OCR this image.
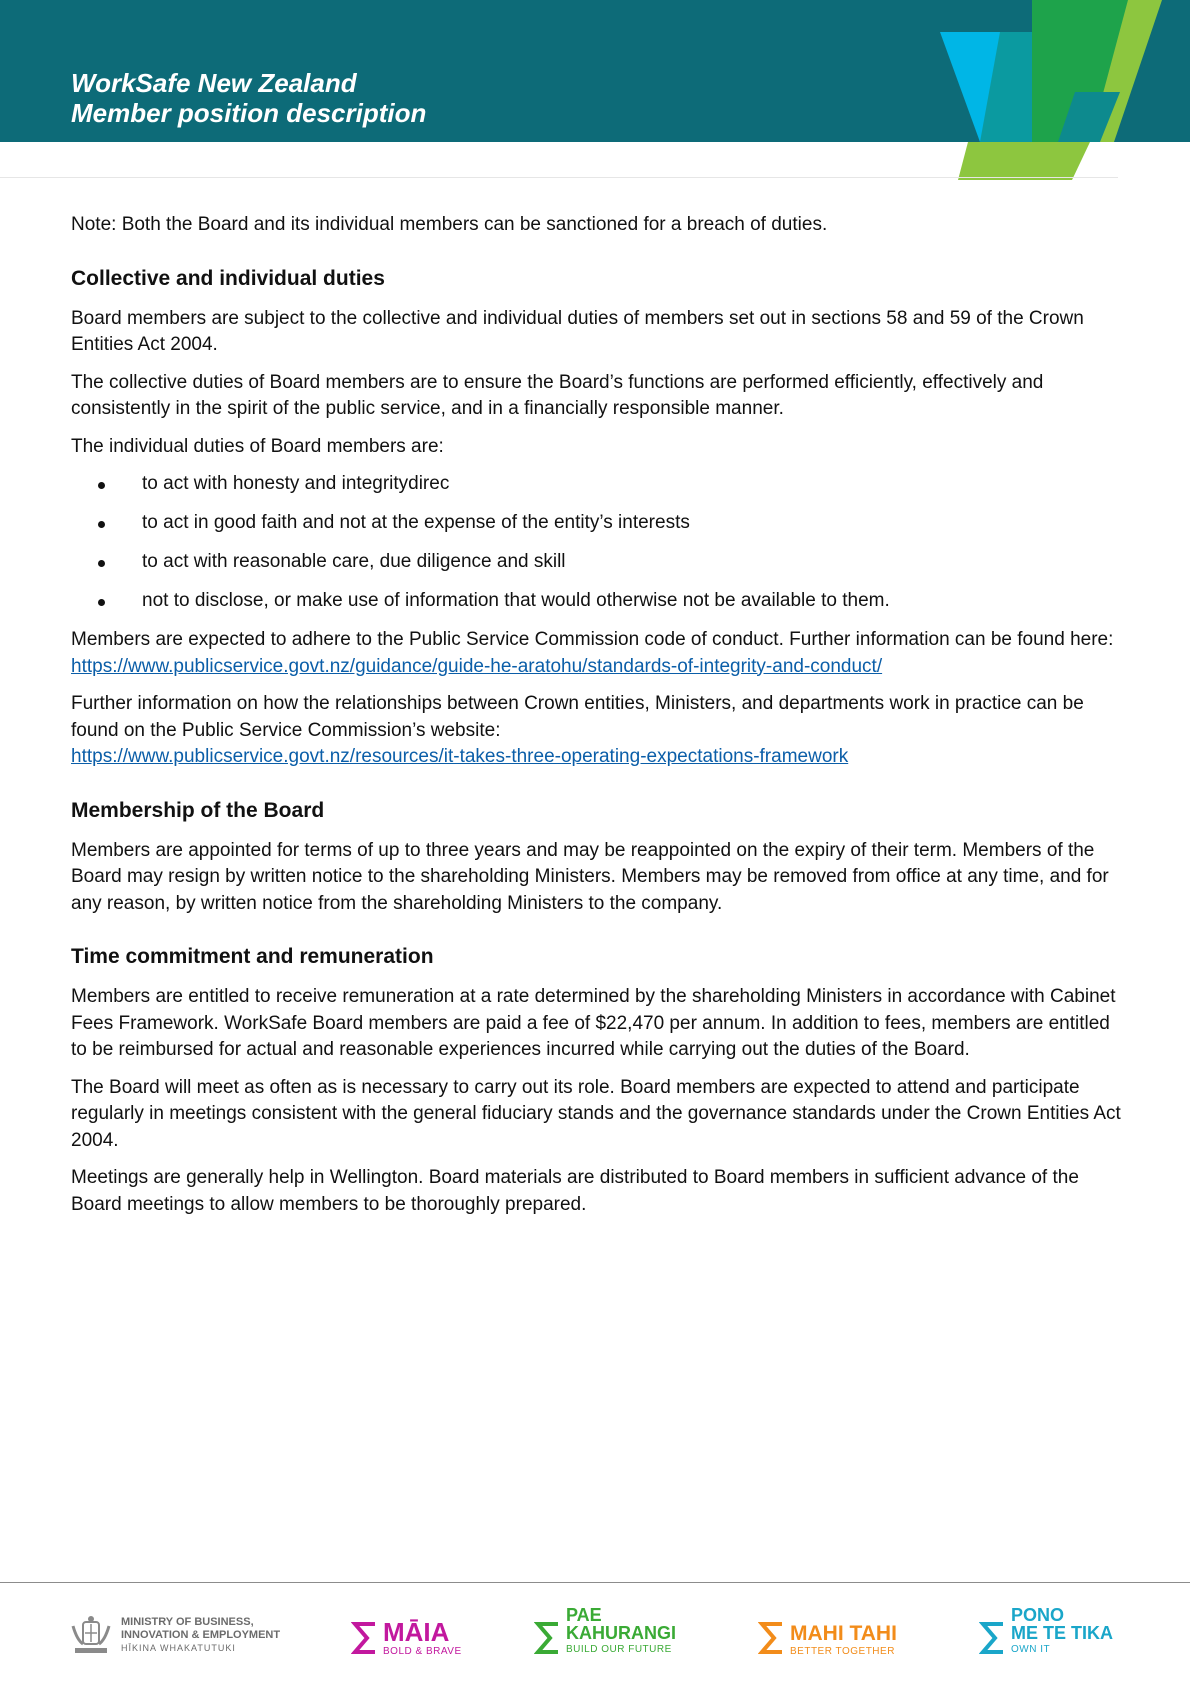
WorkSafe New Zealand
Member position description

Note: Both the Board and its individual members can be sanctioned for a breach of duties.

Collective and individual duties

Board members are subject to the collective and individual duties of members set out in sections 58 and 59 of the Crown Entities Act 2004.

The collective duties of Board members are to ensure the Board’s functions are performed efficiently, effectively and consistently in the spirit of the public service, and in a financially responsible manner.

The individual duties of Board members are:

to act with honesty and integritydirec
to act in good faith and not at the expense of the entity’s interests
to act with reasonable care, due diligence and skill
not to disclose, or make use of information that would otherwise not be available to them.

Members are expected to adhere to the Public Service Commission code of conduct. Further information can be found here: https://www.publicservice.govt.nz/guidance/guide-he-aratohu/standards-of-integrity-and-conduct/

Further information on how the relationships between Crown entities, Ministers, and departments work in practice can be found on the Public Service Commission’s website:
https://www.publicservice.govt.nz/resources/it-takes-three-operating-expectations-framework

Membership of the Board

Members are appointed for terms of up to three years and may be reappointed on the expiry of their term. Members of the Board may resign by written notice to the shareholding Ministers. Members may be removed from office at any time, and for any reason, by written notice from the shareholding Ministers to the company.

Time commitment and remuneration

Members are entitled to receive remuneration at a rate determined by the shareholding Ministers in accordance with Cabinet Fees Framework. WorkSafe Board members are paid a fee of $22,470 per annum. In addition to fees, members are entitled to be reimbursed for actual and reasonable experiences incurred while carrying out the duties of the Board.

The Board will meet as often as is necessary to carry out its role. Board members are expected to attend and participate regularly in meetings consistent with the general fiduciary stands and the governance standards under the Crown Entities Act 2004.

Meetings are generally help in Wellington. Board materials are distributed to Board members in sufficient advance of the Board meetings to allow members to be thoroughly prepared.

MINISTRY OF BUSINESS,
INNOVATION & EMPLOYMENT
HĪKINA WHAKATUTUKI
MĀIA
BOLD & BRAVE
PAE
KAHURANGI
BUILD OUR FUTURE
MAHI TAHI
BETTER TOGETHER
PONO
ME TE TIKA
OWN IT
